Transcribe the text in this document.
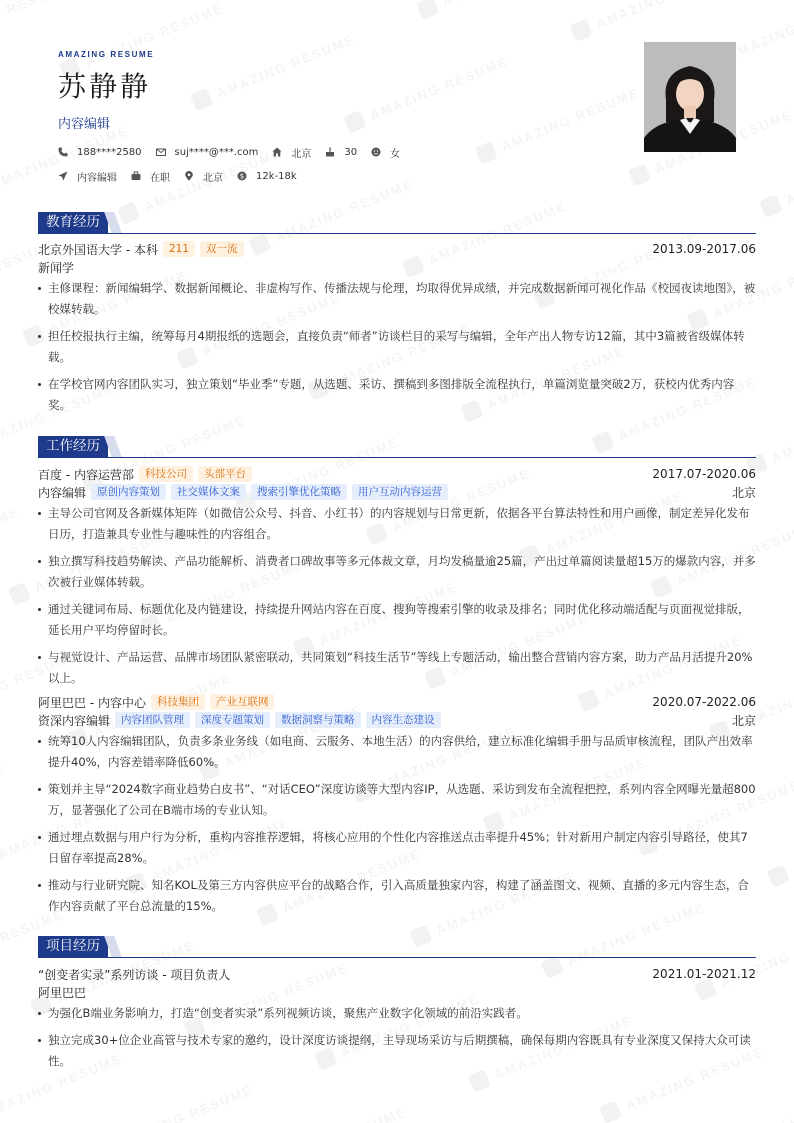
AMAZING RESUME
苏静静
内容编辑
188****2580	suj****@***.com	北京	30	女
内容编辑	在职	北京 $ 12k-18k
教育经历
北京外国语大学 - 本科	211	双一流	2013.09-2017.06
新闻学
主修课程：新闻编辑学、数据新闻概论、非虚构写作、传播法规与伦理，均取得优异成绩，并完成数据新闻可视化作品《校园夜读地图》，被校媒转载。
担任校报执行主编，统筹每月4期报纸的选题会，直接负责“师者”访谈栏目的采写与编辑，全年产出人物专访12篇，其中3篇被省级媒体转载。
在学校官网内容团队实习，独立策划“毕业季”专题，从选题、采访、撰稿到多图排版全流程执行，单篇浏览量突破2万，获校内优秀内容奖。
工作经历
百度 - 内容运营部	科技公司	头部平台	2017.07-2020.06
内容编辑	原创内容策划	社交媒体文案	搜索引擎优化策略	用户互动内容运营	北京
主导公司官网及各新媒体矩阵（如微信公众号、抖音、小红书）的内容规划与日常更新，依据各平台算法特性和用户画像，制定差异化发布日历，打造兼具专业性与趣味性的内容组合。
独立撰写科技趋势解读、产品功能解析、消费者口碑故事等多元体裁文章，月均发稿量逾25篇，产出过单篇阅读量超15万的爆款内容，并多次被行业媒体转载。
通过关键词布局、标题优化及内链建设，持续提升网站内容在百度、搜狗等搜索引擎的收录及排名；同时优化移动端适配与页面视觉排版，延长用户平均停留时长。
与视觉设计、产品运营、品牌市场团队紧密联动，共同策划“科技生活节”等线上专题活动，输出整合营销内容方案，助力产品月活提升20%以上。
阿里巴巴 - 内容中心	科技集团	产业互联网	2020.07-2022.06
资深内容编辑	内容团队管理	深度专题策划	数据洞察与策略	内容生态建设	北京
统筹10人内容编辑团队，负责多条业务线（如电商、云服务、本地生活）的内容供给，建立标准化编辑手册与品质审核流程，团队产出效率提升40%，内容差错率降低60%。
策划并主导“2024数字商业趋势白皮书”、“对话CEO”深度访谈等大型内容IP，从选题、采访到发布全流程把控，系列内容全网曝光量超800万，显著强化了公司在B端市场的专业认知。
通过埋点数据与用户行为分析，重构内容推荐逻辑，将核心应用的个性化内容推送点击率提升45%；针对新用户制定内容引导路径，使其7日留存率提高28%。
推动与行业研究院、知名KOL及第三方内容供应平台的战略合作，引入高质量独家内容，构建了涵盖图文、视频、直播的多元内容生态，合作内容贡献了平台总流量的15%。
项目经历
“创变者实录”系列访谈 - 项目负责人	2021.01-2021.12
阿里巴巴
为强化B端业务影响力，打造“创变者实录”系列视频访谈，聚焦产业数字化领域的前沿实践者。
独立完成30+位企业高管与技术专家的邀约，设计深度访谈提纲，主导现场采访与后期撰稿，确保每期内容既具有专业深度又保持大众可读性。
